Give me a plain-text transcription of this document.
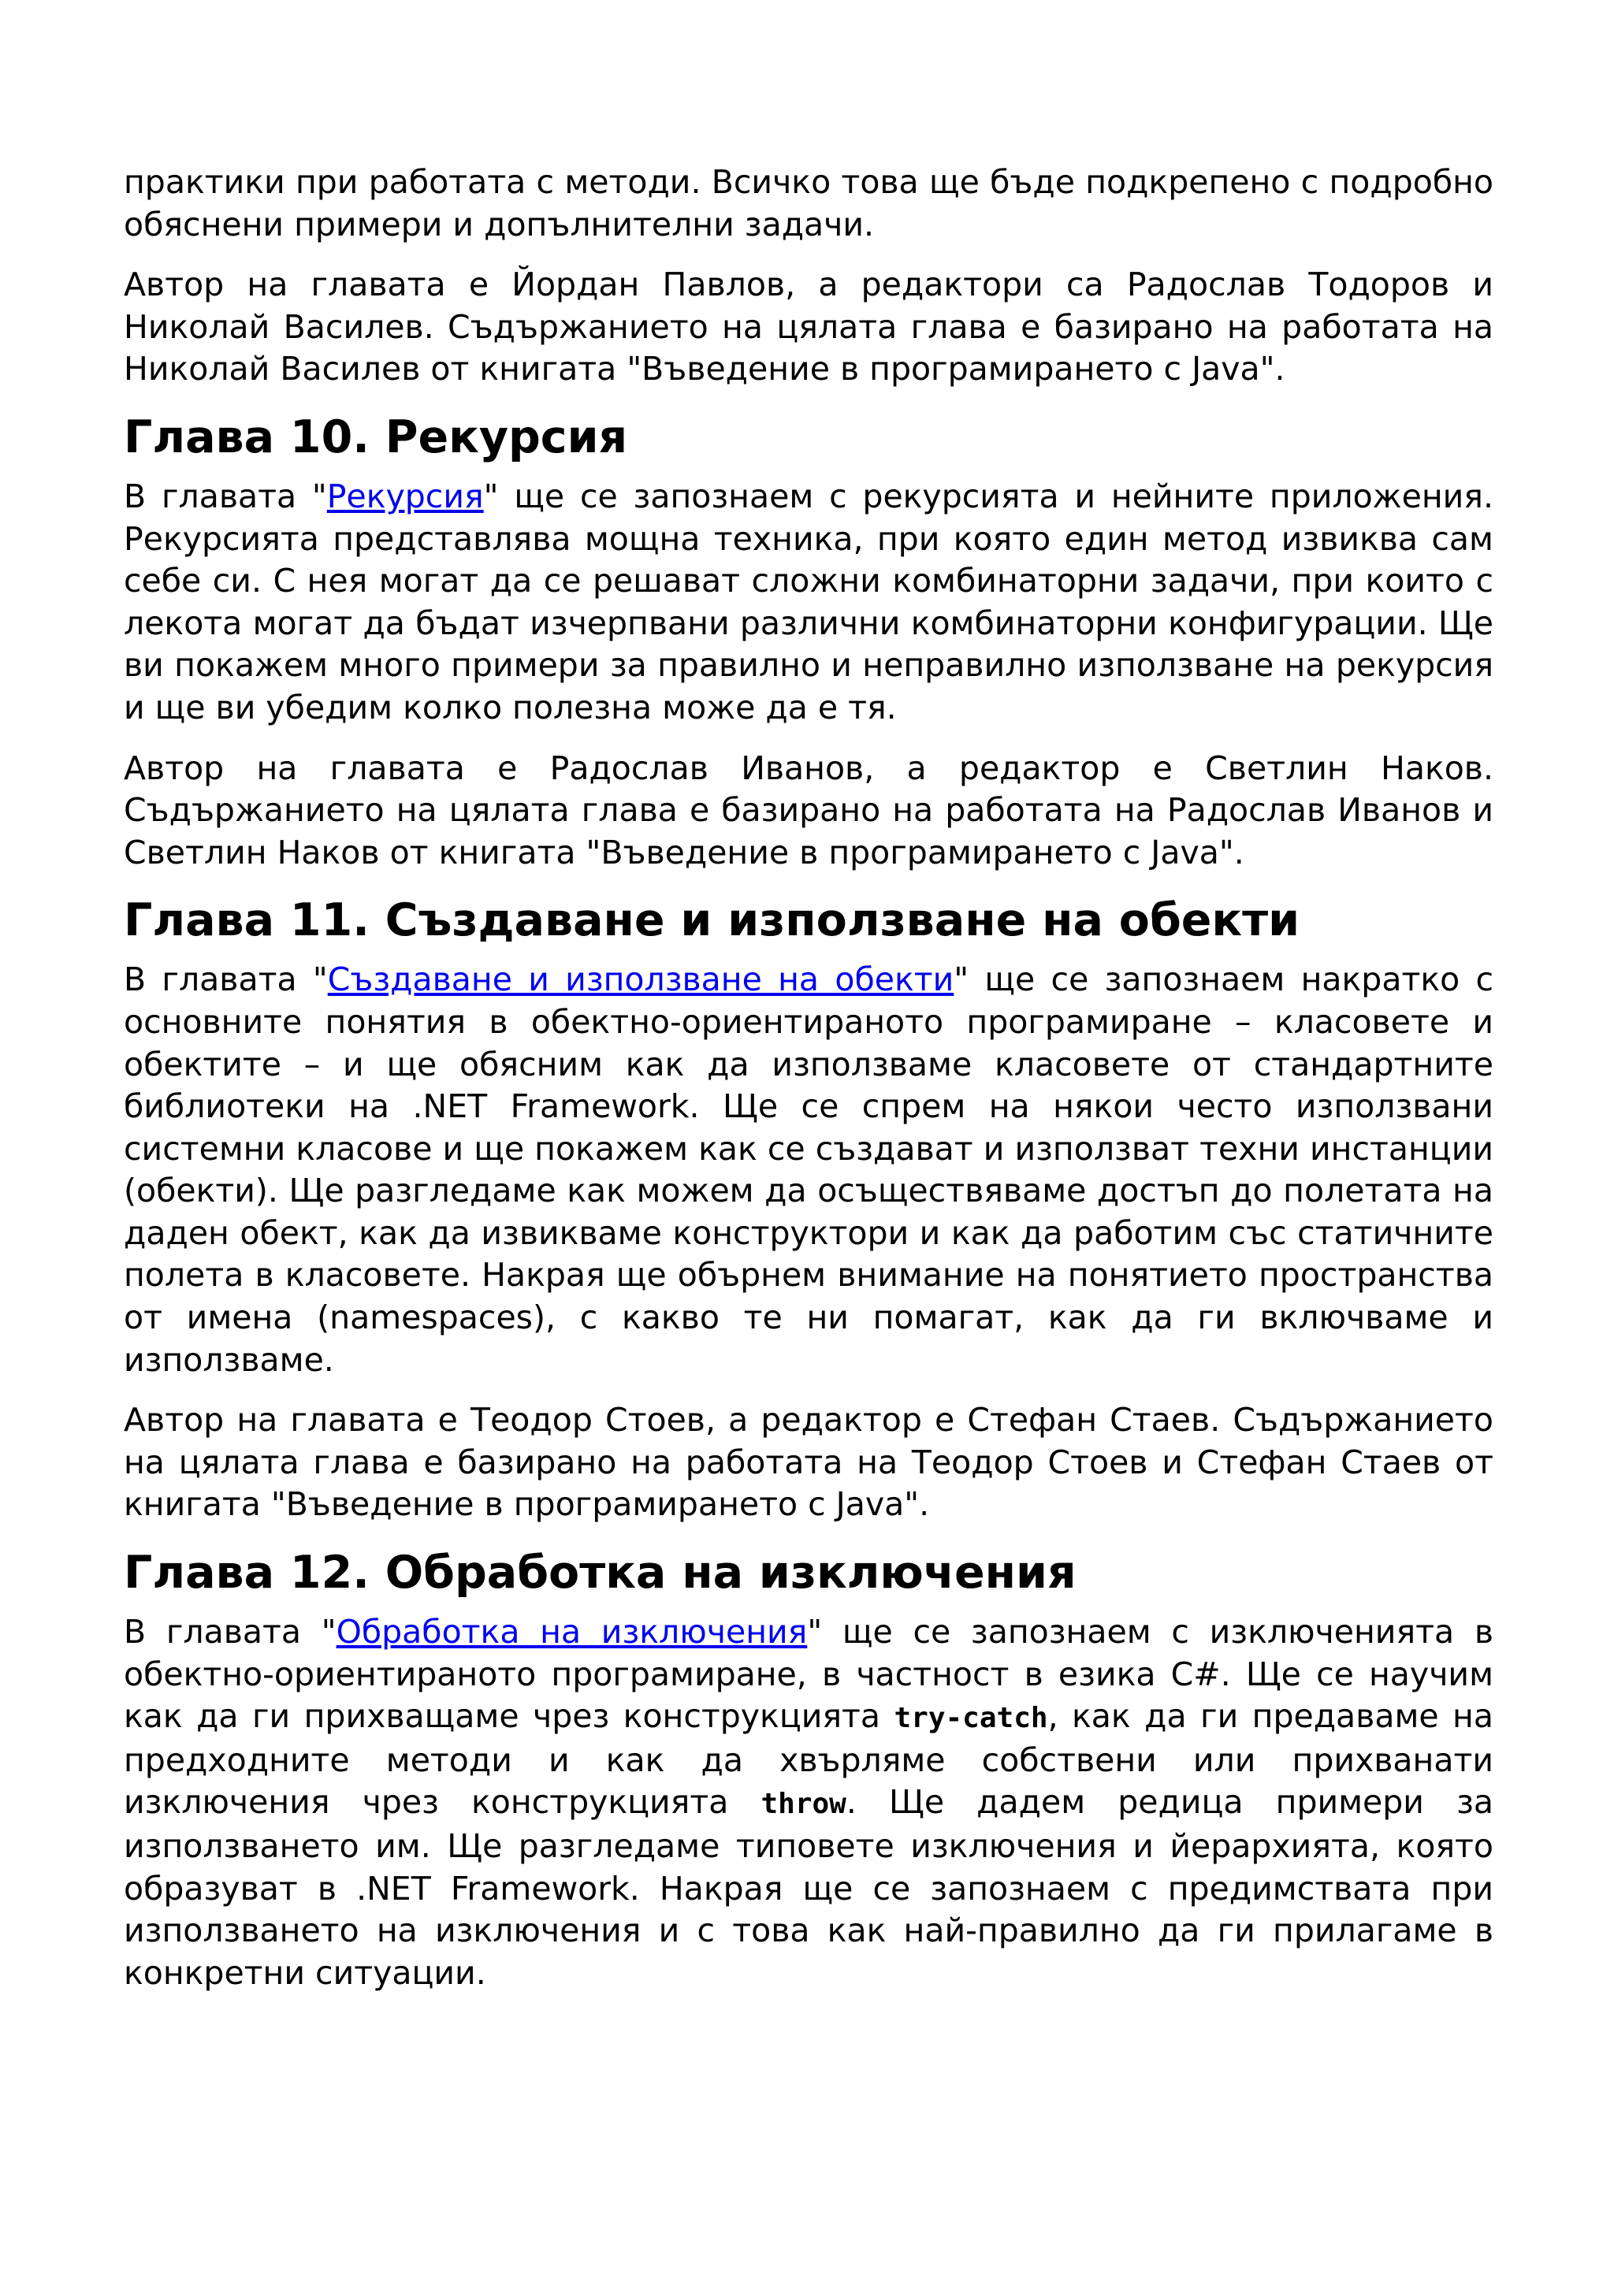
практики при работата с методи. Всичко това ще бъде подкрепено с подробно обяснени примери и допълнителни задачи.

Автор на главата е Йордан Павлов, а редактори са Радослав Тодоров и Николай Василев. Съдържанието на цялата глава е базирано на работата на Николай Василев от книгата "Въведение в програмирането с Java".

Глава 10. Рекурсия

В главата "Рекурсия" ще се запознаем с рекурсията и нейните приложения. Рекурсията представлява мощна техника, при която един метод извиква сам себе си. С нея могат да се решават сложни комбинаторни задачи, при които с лекота могат да бъдат изчерпвани различни комбинаторни конфигурации. Ще ви покажем много примери за правилно и неправилно използване на рекурсия и ще ви убедим колко полезна може да е тя.

Автор на главата е Радослав Иванов, а редактор е Светлин Наков. Съдържанието на цялата глава е базирано на работата на Радослав Иванов и Светлин Наков от книгата "Въведение в програмирането с Java".

Глава 11. Създаване и използване на обекти

В главата "Създаване и използване на обекти" ще се запознаем накратко с основните понятия в обектно-ориентираното програмиране – класовете и обектите – и ще обясним как да използваме класовете от стандартните библиотеки на .NET Framework. Ще се спрем на някои често използвани системни класове и ще покажем как се създават и използват техни инстанции (обекти). Ще разгледаме как можем да осъществяваме достъп до полетата на даден обект, как да извикваме конструктори и как да работим със статичните полета в класовете. Накрая ще обърнем внимание на понятието пространства от имена (namespaces), с какво те ни помагат, как да ги включваме и използваме.

Автор на главата е Теодор Стоев, а редактор е Стефан Стаев. Съдържанието на цялата глава е базирано на работата на Теодор Стоев и Стефан Стаев от книгата "Въведение в програмирането с Java".

Глава 12. Обработка на изключения

В главата "Обработка на изключения" ще се запознаем с изключенията в обектно-ориентираното програмиране, в частност в езика C#. Ще се научим как да ги прихващаме чрез конструкцията try-catch, как да ги предаваме на предходните методи и как да хвърляме собствени или прихванати изключения чрез конструкцията throw. Ще дадем редица примери за използването им. Ще разгледаме типовете изключения и йерархията, която образуват в .NET Framework. Накрая ще се запознаем с предимствата при използването на изключения и с това как най-правилно да ги прилагаме в конкретни ситуации.
